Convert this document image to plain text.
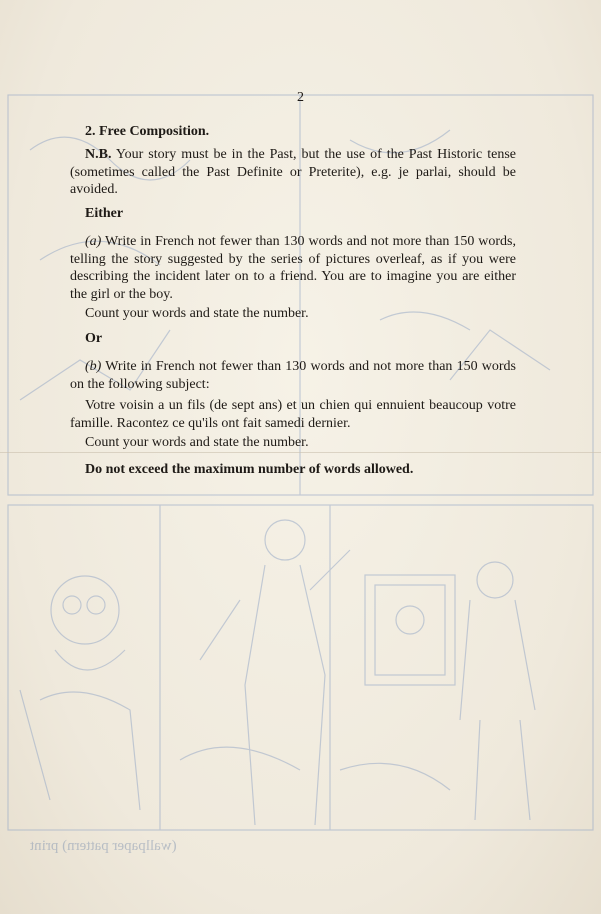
(wallpaper pattern) print
2
2. Free Composition.
N.B. Your story must be in the Past, but the use of the Past Historic tense (sometimes called the Past Definite or Preterite), e.g. je parlai, should be avoided.
Either
(a) Write in French not fewer than 130 words and not more than 150 words, telling the story suggested by the series of pictures overleaf, as if you were describing the incident later on to a friend. You are to imagine you are either the girl or the boy.
Count your words and state the number.
Or
(b) Write in French not fewer than 130 words and not more than 150 words on the following subject:
Votre voisin a un fils (de sept ans) et un chien qui ennuient beaucoup votre famille. Racontez ce qu'ils ont fait samedi dernier.
Count your words and state the number.
Do not exceed the maximum number of words allowed.
